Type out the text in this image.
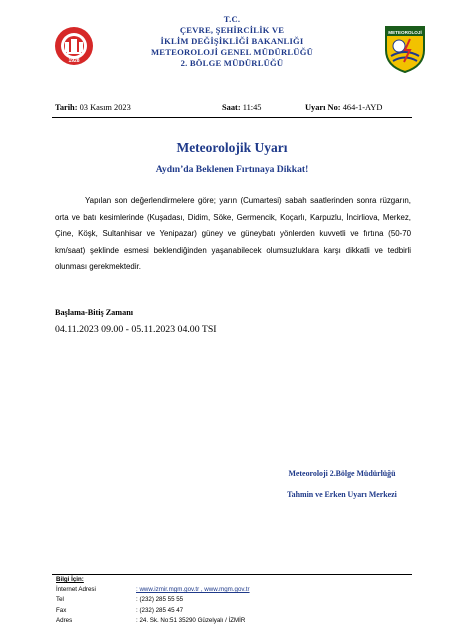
1928
T.C.
ÇEVRE, ŞEHİRCİLİK VE
İKLİM DEĞİŞİKLİĞİ BAKANLIĞI
METEOROLOJİ GENEL MÜDÜRLÜĞÜ
2. BÖLGE MÜDÜRLÜĞÜ
METEOROLOJİ
Tarih: 03 Kasım 2023	Saat: 11:45	Uyarı No: 464-1-AYD
Meteorolojik Uyarı
Aydın’da Beklenen Fırtınaya Dikkat!
Yapılan son değerlendirmelere göre; yarın (Cumartesi) sabah saatlerinden sonra rüzgarın, orta ve batı kesimlerinde (Kuşadası, Didim, Söke, Germencik, Koçarlı, Karpuzlu, İncirliova, Merkez, Çine, Köşk, Sultanhisar ve Yenipazar) güney ve güneybatı yönlerden kuvvetli ve fırtına (50-70 km/saat) şeklinde esmesi beklendiğinden yaşanabilecek olumsuzluklara karşı dikkatli ve tedbirli olunması gerekmektedir.
Başlama-Bitiş Zamanı
04.11.2023 09.00 - 05.11.2023 04.00 TSI
Meteoroloji 2.Bölge Müdürlüğü
Tahmin ve Erken Uyarı Merkezi
Bilgi İçin:
İnternet Adresi	: www.izmir.mgm.gov.tr , www.mgm.gov.tr
Tel	: (232) 285 55 55
Fax	: (232) 285 45 47
Adres	: 24. Sk. No:51 35290 Güzelyalı / İZMİR
